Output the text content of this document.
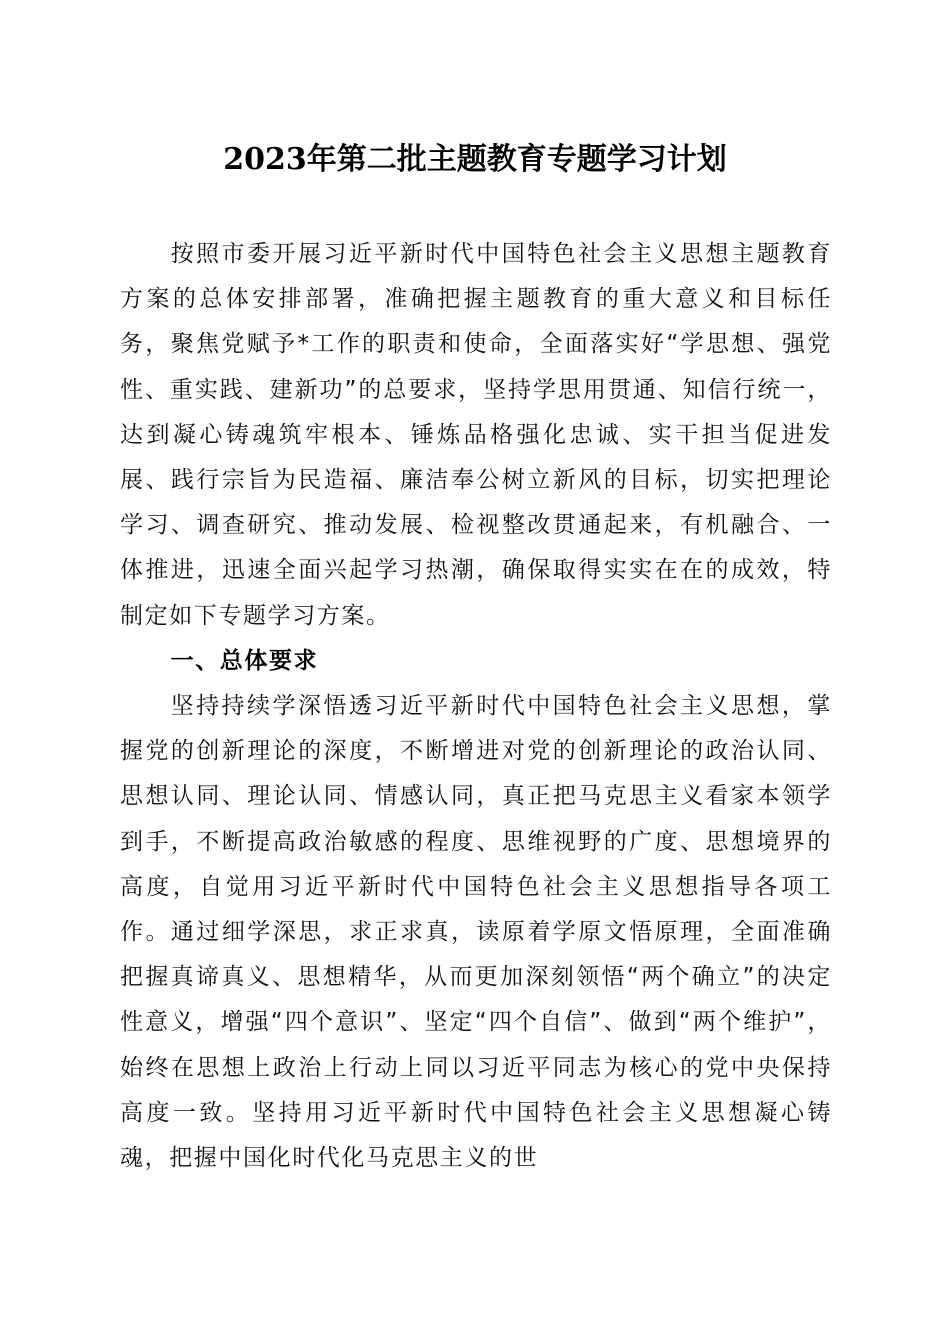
2023年第二批主题教育专题学习计划

按照市委开展习近平新时代中国特色社会主义思想主题教育方案的总体安排部署，准确把握主题教育的重大意义和目标任务，聚焦党赋予*工作的职责和使命，全面落实好“学思想、强党性、重实践、建新功”的总要求，坚持学思用贯通、知信行统一，达到凝心铸魂筑牢根本、锤炼品格强化忠诚、实干担当促进发展、践行宗旨为民造福、廉洁奉公树立新风的目标，切实把理论学习、调查研究、推动发展、检视整改贯通起来，有机融合、一体推进，迅速全面兴起学习热潮，确保取得实实在在的成效，特制定如下专题学习方案。

一、总体要求

坚持持续学深悟透习近平新时代中国特色社会主义思想，掌握党的创新理论的深度，不断增进对党的创新理论的政治认同、思想认同、理论认同、情感认同，真正把马克思主义看家本领学到手，不断提高政治敏感的程度、思维视野的广度、思想境界的高度，自觉用习近平新时代中国特色社会主义思想指导各项工作。通过细学深思，求正求真，读原着学原文悟原理，全面准确把握真谛真义、思想精华，从而更加深刻领悟“两个确立”的决定性意义，增强“四个意识”、坚定“四个自信”、做到“两个维护”，始终在思想上政治上行动上同以习近平同志为核心的党中央保持高度一致。坚持用习近平新时代中国特色社会主义思想凝心铸魂，把握中国化时代化马克思主义的世
